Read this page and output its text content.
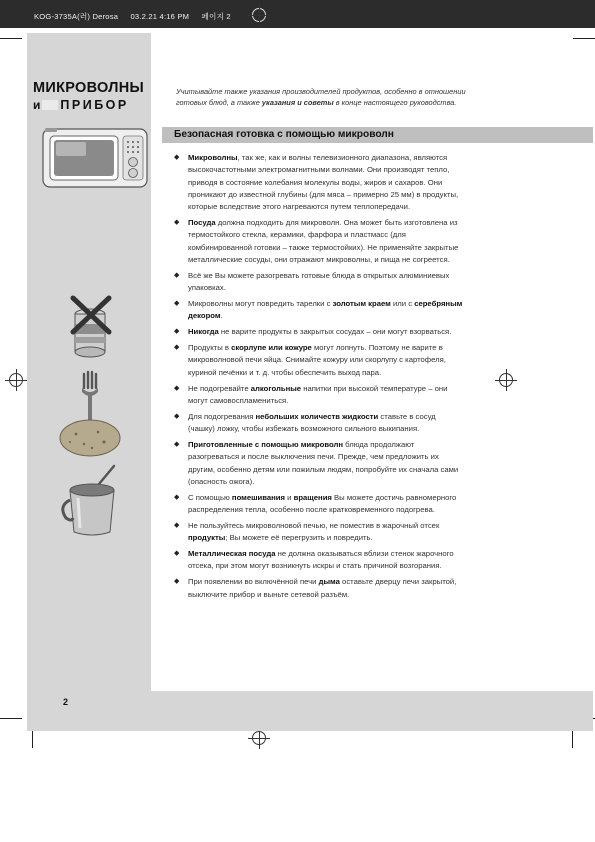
KOG-3735A(러) Derosa 03.2.21 4:16 PM 페이지 2
МИКРОВОЛНЫ
и ПРИБОР
Учитывайте также указания производителей продуктов, особенно в отношении готовых блюд, а также указания и советы в конце настоящего руководства.
Безопасная готовка с помощью микроволн
◆ Микроволны, так же, как и волны телевизионного диапазона, являются высокочастотными электромагнитными волнами. Они производят тепло, приводя в состояние колебания молекулы воды, жиров и сахаров. Они проникают до известной глубины (для мяса – примерно 25 мм) в продукты, которые вследствие этого нагреваются путем теплопередачи.
◆ Посуда должна подходить для микроволн. Она может быть изготовлена из термостойкого стекла, керамики, фарфора и пластмасс (для комбинированной готовки – также термостойких). Не применяйте закрытые металлические сосуды, они отражают микроволны, и пища не согреется.
◆ Всё же Вы можете разогревать готовые блюда в открытых алюминиевых упаковках.
◆ Микроволны могут повредить тарелки с золотым краем или с серебряным декором.
◆ Никогда не варите продукты в закрытых сосудах – они могут взорваться.
◆ Продукты в скорлупе или кожуре могут лопнуть. Поэтому не варите в микроволновой печи яйца. Снимайте кожуру или скорлупу с картофеля, куриной печёнки и т. д. чтобы обеспечить выход пара.
◆ Не подогревайте алкогольные напитки при высокой температуре – они могут самовоспламениться.
◆ Для подогревания небольших количеств жидкости ставьте в сосуд (чашку) ложку, чтобы избежать возможного сильного выкипания.
◆ Приготовленные с помощью микроволн блюда продолжают разогреваться и после выключения печи. Прежде, чем предложить их другим, особенно детям или пожилым людям, попробуйте их сначала сами (опасность ожога).
◆ С помощью помешивания и вращения Вы можете достичь равномерного распределения тепла, особенно после кратковременного подогрева.
◆ Не пользуйтесь микроволновой печью, не поместив в жарочный отсек продукты; Вы можете её перегрузить и повредить.
◆ Металлическая посуда не должна оказываться вблизи стенок жарочного отсека, при этом могут возникнуть искры и стать причиной возгорания.
◆ При появлении во включённой печи дыма оставьте дверцу печи закрытой, выключите прибор и выньте сетевой разъём.
2
